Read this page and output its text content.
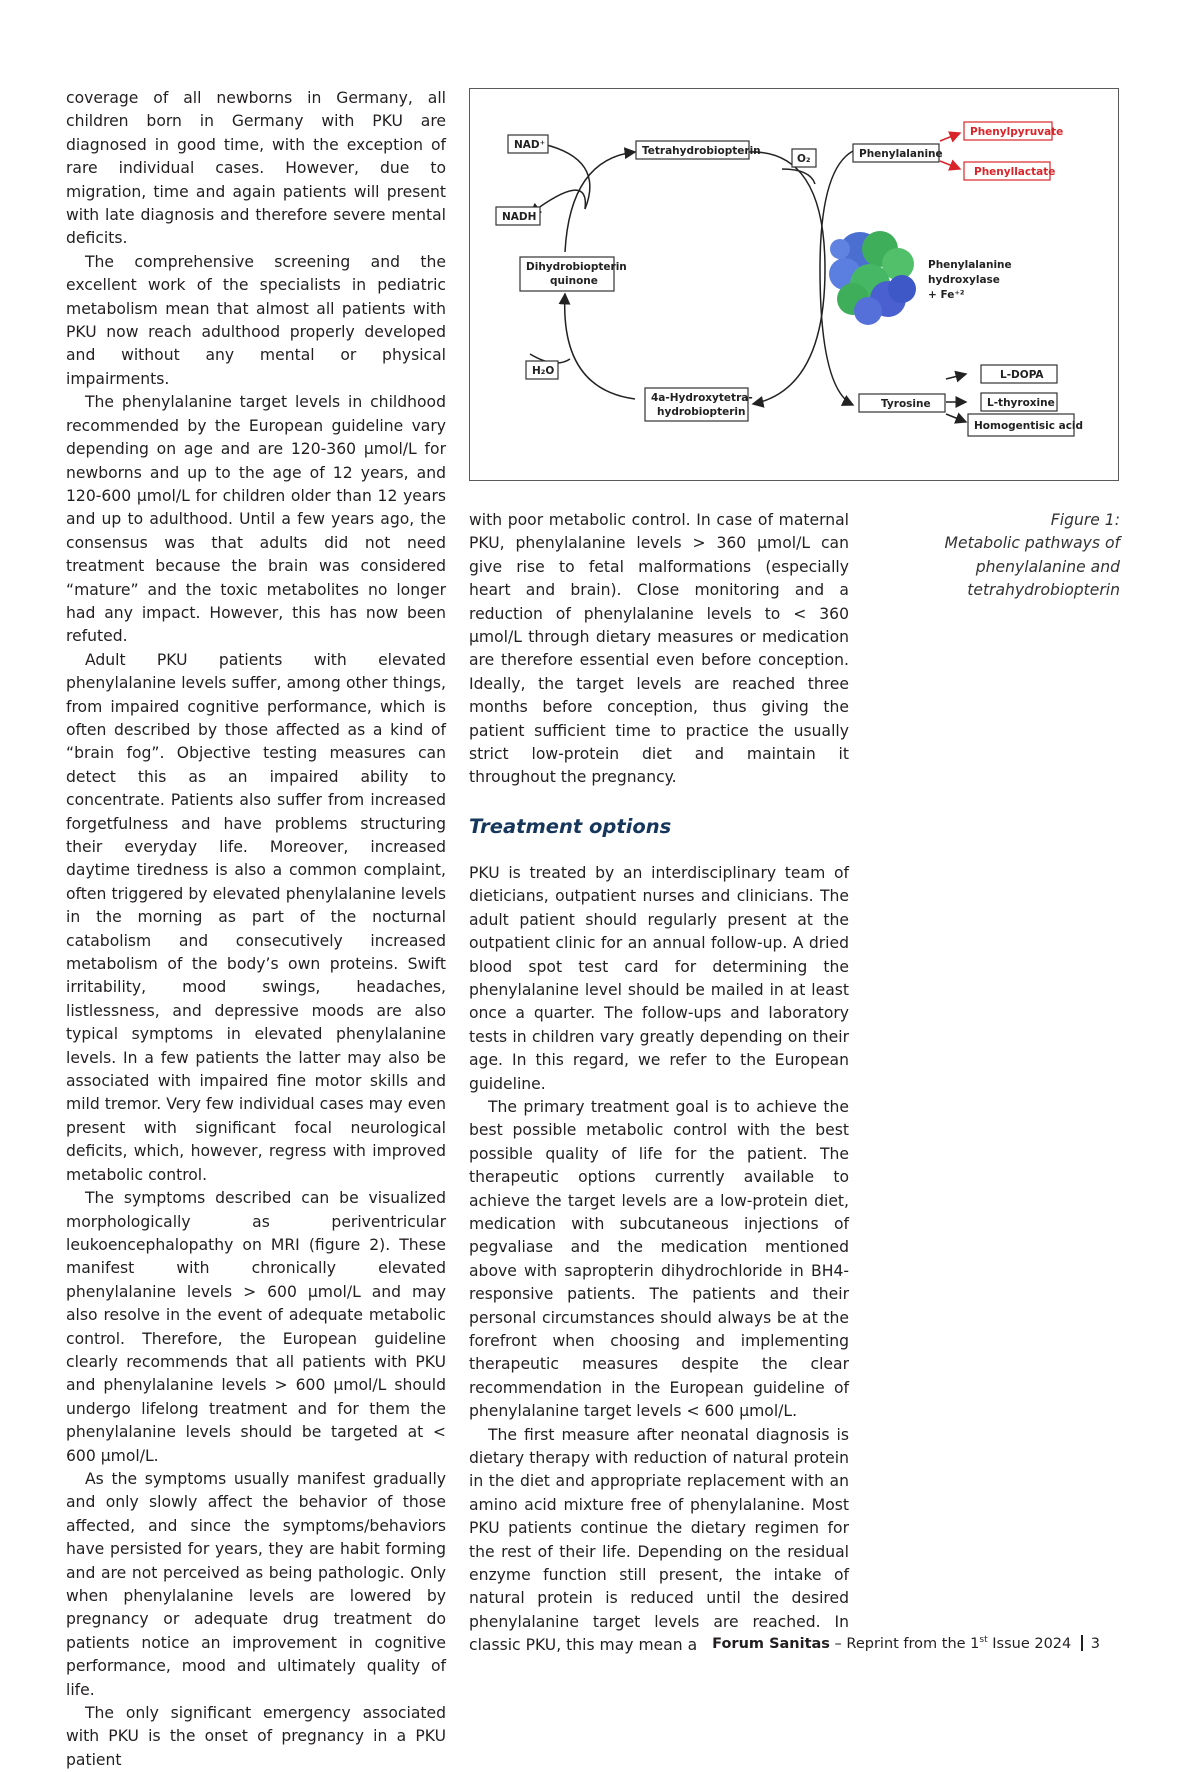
coverage of all newborns in Germany, all children born in Germany with PKU are diagnosed in good time, with the exception of rare individual cases. However, due to migration, time and again patients will present with late diagnosis and therefore severe mental deficits.

The comprehensive screening and the excellent work of the specialists in pediatric metabolism mean that almost all patients with PKU now reach adulthood properly developed and without any mental or physical impairments.

The phenylalanine target levels in childhood recommended by the European guideline vary depending on age and are 120-360 µmol/L for newborns and up to the age of 12 years, and 120-600 µmol/L for children older than 12 years and up to adulthood. Until a few years ago, the consensus was that adults did not need treatment because the brain was considered “mature” and the toxic metabolites no longer had any impact. However, this has now been refuted.

Adult PKU patients with elevated phenylalanine levels suffer, among other things, from impaired cognitive performance, which is often described by those affected as a kind of “brain fog”. Objective testing measures can detect this as an impaired ability to concentrate. Patients also suffer from increased forgetfulness and have problems structuring their everyday life. Moreover, increased daytime tiredness is also a common complaint, often triggered by elevated phenylalanine levels in the morning as part of the nocturnal catabolism and consecutively increased metabolism of the body’s own proteins. Swift irritability, mood swings, headaches, listlessness, and depressive moods are also typical symptoms in elevated phenylalanine levels. In a few patients the latter may also be associated with impaired fine motor skills and mild tremor. Very few individual cases may even present with significant focal neurological deficits, which, however, regress with improved metabolic control.

The symptoms described can be visualized morphologically as periventricular leukoencephalopathy on MRI (figure 2). These manifest with chronically elevated phenylalanine levels > 600 µmol/L and may also resolve in the event of adequate metabolic control. Therefore, the European guideline clearly recommends that all patients with PKU and phenylalanine levels > 600 µmol/L should undergo lifelong treatment and for them the phenylalanine levels should be targeted at < 600 µmol/L.

As the symptoms usually manifest gradually and only slowly affect the behavior of those affected, and since the symptoms/behaviors have persisted for years, they are habit forming and are not perceived as being pathologic. Only when phenylalanine levels are lowered by pregnancy or adequate drug treatment do patients notice an improvement in cognitive performance, mood and ultimately quality of life.

The only significant emergency associated with PKU is the onset of pregnancy in a PKU patient

NAD⁺
NADH
Tetrahydrobiopterin
O₂	Phenylalanine
Phenylpyruvate
Phenyllactate
Dihydrobiopterin
quinone
H₂O
4a-Hydroxytetra-
hydrobiopterin
Tyrosine
L-DOPA
L-thyroxine
Homogentisic acid
Phenylalanine
hydroxylase
+ Fe⁺²
Figure 1:
Metabolic pathways of
phenylalanine and
tetrahydrobiopterin

with poor metabolic control. In case of maternal PKU, phenylalanine levels > 360 µmol/L can give rise to fetal malformations (especially heart and brain). Close monitoring and a reduction of phenylalanine levels to < 360 µmol/L through dietary measures or medication are therefore essential even before conception. Ideally, the target levels are reached three months before conception, thus giving the patient sufficient time to practice the usually strict low-protein diet and maintain it throughout the pregnancy.

Treatment options

PKU is treated by an interdisciplinary team of dieticians, outpatient nurses and clinicians. The adult patient should regularly present at the outpatient clinic for an annual follow-up. A dried blood spot test card for determining the phenylalanine level should be mailed in at least once a quarter. The follow-ups and laboratory tests in children vary greatly depending on their age. In this regard, we refer to the European guideline.

The primary treatment goal is to achieve the best possible metabolic control with the best possible quality of life for the patient. The therapeutic options currently available to achieve the target levels are a low-protein diet, medication with subcutaneous injections of pegvaliase and the medication mentioned above with sapropterin dihydrochloride in BH4-responsive patients. The patients and their personal circumstances should always be at the forefront when choosing and implementing therapeutic measures despite the clear recommendation in the European guideline of phenylalanine target levels < 600 µmol/L.

The first measure after neonatal diagnosis is dietary therapy with reduction of natural protein in the diet and appropriate replacement with an amino acid mixture free of phenylalanine. Most PKU patients continue the dietary regimen for the rest of their life. Depending on the residual enzyme function still present, the intake of natural protein is reduced until the desired phenylalanine target levels are reached. In classic PKU, this may mean a	Forum Sanitas – Reprint from the 1st Issue 2024 3
